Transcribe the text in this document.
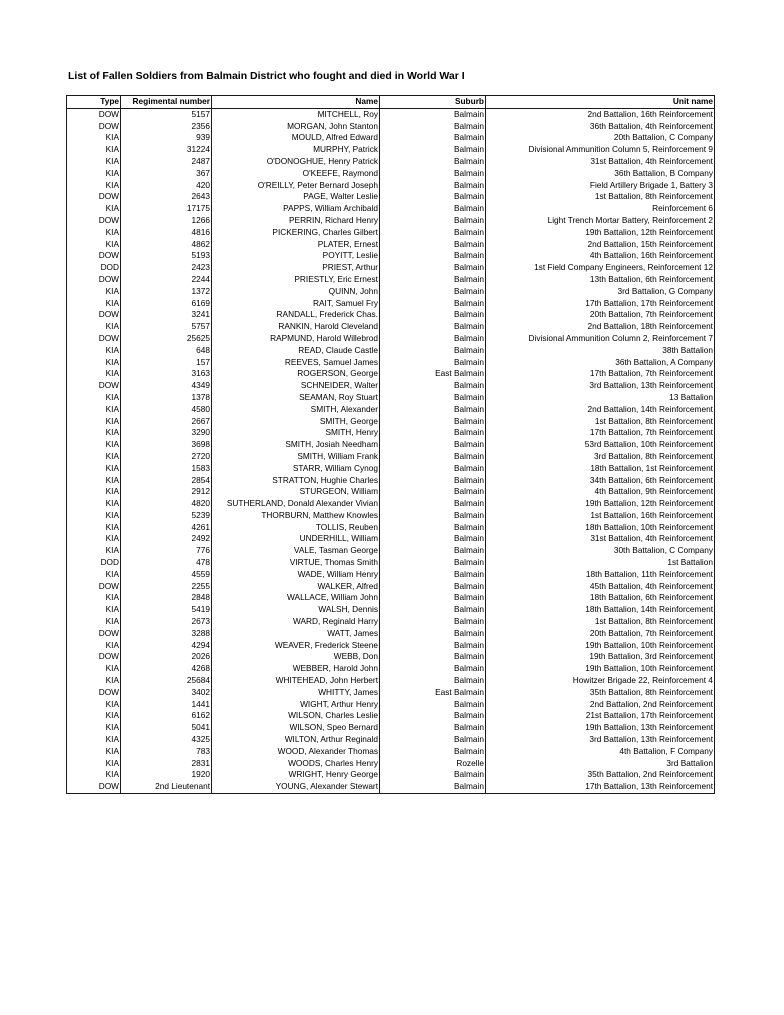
List of Fallen Soldiers from Balmain District who fought and died in World War I
Type	Regimental number	Name	Suburb	Unit name
DOW	5157	MITCHELL, Roy	Balmain	2nd Battalion, 16th Reinforcement
DOW	2356	MORGAN, John Stanton	Balmain	36th Battalion, 4th Reinforcement
KIA	939	MOULD, Alfred Edward	Balmain	20th Battalion, C Company
KIA	31224	MURPHY, Patrick	Balmain	Divisional Ammunition Column 5, Reinforcement 9
KIA	2487	O'DONOGHUE, Henry Patrick	Balmain	31st Battalion, 4th Reinforcement
KIA	367	O'KEEFE, Raymond	Balmain	36th Battalion, B Company
KIA	420	O'REILLY, Peter Bernard Joseph	Balmain	Field Artillery Brigade 1, Battery 3
DOW	2643	PAGE, Walter Leslie	Balmain	1st Battalion, 8th Reinforcement
KIA	17175	PAPPS, William Archibald	Balmain	Reinforcement 6
DOW	1266	PERRIN, Richard Henry	Balmain	Light Trench Mortar Battery, Reinforcement 2
KIA	4816	PICKERING, Charles Gilbert	Balmain	19th Battalion, 12th Reinforcement
KIA	4862	PLATER, Ernest	Balmain	2nd Battalion, 15th Reinforcement
DOW	5193	POYITT, Leslie	Balmain	4th Battalion, 16th Reinforcement
DOD	2423	PRIEST, Arthur	Balmain	1st Field Company Engineers, Reinforcement 12
DOW	2244	PRIESTLY, Eric Ernest	Balmain	13th Battalion, 6th Reinforcement
KIA	1372	QUINN, John	Balmain	3rd Battalion, G Company
KIA	6169	RAIT, Samuel Fry	Balmain	17th Battalion, 17th Reinforcement
DOW	3241	RANDALL, Frederick Chas.	Balmain	20th Battalion, 7th Reinforcement
KIA	5757	RANKIN, Harold Cleveland	Balmain	2nd Battalion, 18th Reinforcement
DOW	25625	RAPMUND, Harold Willebrod	Balmain	Divisional Ammunition Column 2, Reinforcement 7
KIA	648	READ, Claude Castle	Balmain	38th Battalion
KIA	157	REEVES, Samuel James	Balmain	36th Battalion, A Company
KIA	3163	ROGERSON, George	East Balmain	17th Battalion, 7th Reinforcement
DOW	4349	SCHNEIDER, Walter	Balmain	3rd Battalion, 13th Reinforcement
KIA	1378	SEAMAN, Roy Stuart	Balmain	13 Battalion
KIA	4580	SMITH, Alexander	Balmain	2nd Battalion, 14th Reinforcement
KIA	2667	SMITH, George	Balmain	1st Battalion, 8th Reinforcement
KIA	3290	SMITH, Henry	Balmain	17th Battalion, 7th Reinforcement
KIA	3698	SMITH, Josiah Needham	Balmain	53rd Battalion, 10th Reinforcement
KIA	2720	SMITH, William Frank	Balmain	3rd Battalion, 8th Reinforcement
KIA	1583	STARR, William Cynog	Balmain	18th Battalion, 1st Reinforcement
KIA	2854	STRATTON, Hughie Charles	Balmain	34th Battalion, 6th Reinforcement
KIA	2912	STURGEON, William	Balmain	4th Battalion, 9th Reinforcement
KIA	4820	SUTHERLAND, Donald Alexander Vivian	Balmain	19th Battalion, 12th Reinforcement
KIA	5239	THORBURN, Matthew Knowles	Balmain	1st Battalion, 16th Reinforcement
KIA	4261	TOLLIS, Reuben	Balmain	18th Battalion, 10th Reinforcement
KIA	2492	UNDERHILL, William	Balmain	31st Battalion, 4th Reinforcement
KIA	776	VALE, Tasman George	Balmain	30th Battalion, C Company
DOD	478	VIRTUE, Thomas Smith	Balmain	1st Battalion
KIA	4559	WADE, William Henry	Balmain	18th Battalion, 11th Reinforcement
DOW	2255	WALKER, Alfred	Balmain	45th Battalion, 4th Reinforcement
KIA	2848	WALLACE, William John	Balmain	18th Battalion, 6th Reinforcement
KIA	5419	WALSH, Dennis	Balmain	18th Battalion, 14th Reinforcement
KIA	2673	WARD, Reginald Harry	Balmain	1st Battalion, 8th Reinforcement
DOW	3288	WATT, James	Balmain	20th Battalion, 7th Reinforcement
KIA	4294	WEAVER, Frederick Steene	Balmain	19th Battalion, 10th Reinforcement
DOW	2026	WEBB, Don	Balmain	19th Battalion, 3rd Reinforcement
KIA	4268	WEBBER, Harold John	Balmain	19th Battalion, 10th Reinforcement
KIA	25684	WHITEHEAD, John Herbert	Balmain	Howitzer Brigade 22, Reinforcement 4
DOW	3402	WHITTY, James	East Balmain	35th Battalion, 8th Reinforcement
KIA	1441	WIGHT, Arthur Henry	Balmain	2nd Battalion, 2nd Reinforcement
KIA	6162	WILSON, Charles Leslie	Balmain	21st Battalion, 17th Reinforcement
KIA	5041	WILSON, Speo Bernard	Balmain	19th Battalion, 13th Reinforcement
KIA	4325	WILTON, Arthur Reginald	Balmain	3rd Battalion, 13th Reinforcement
KIA	783	WOOD, Alexander Thomas	Balmain	4th Battalion, F Company
KIA	2831	WOODS, Charles Henry	Rozelle	3rd Battalion
KIA	1920	WRIGHT, Henry George	Balmain	35th Battalion, 2nd Reinforcement
DOW	2nd Lieutenant	YOUNG, Alexander Stewart	Balmain	17th Battalion, 13th Reinforcement
